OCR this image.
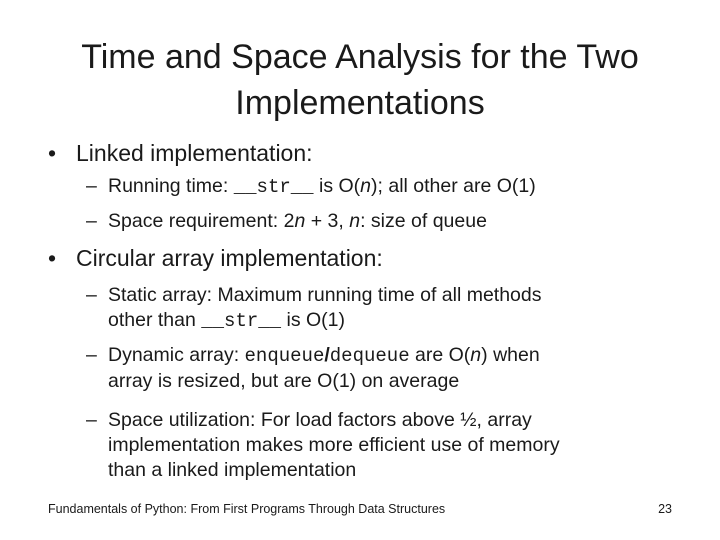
Time and Space Analysis for the Two
Implementations
• Linked implementation:
– Running time: __str__ is O(n); all other are O(1)
– Space requirement: 2n + 3, n: size of queue
• Circular array implementation:
– Static array: Maximum running time of all methods
other than __str__ is O(1)
– Dynamic array: enqueue/dequeue are O(n) when
array is resized, but are O(1) on average
– Space utilization: For load factors above ½, array
implementation makes more efficient use of memory
than a linked implementation
Fundamentals of Python: From First Programs Through Data Structures	23
